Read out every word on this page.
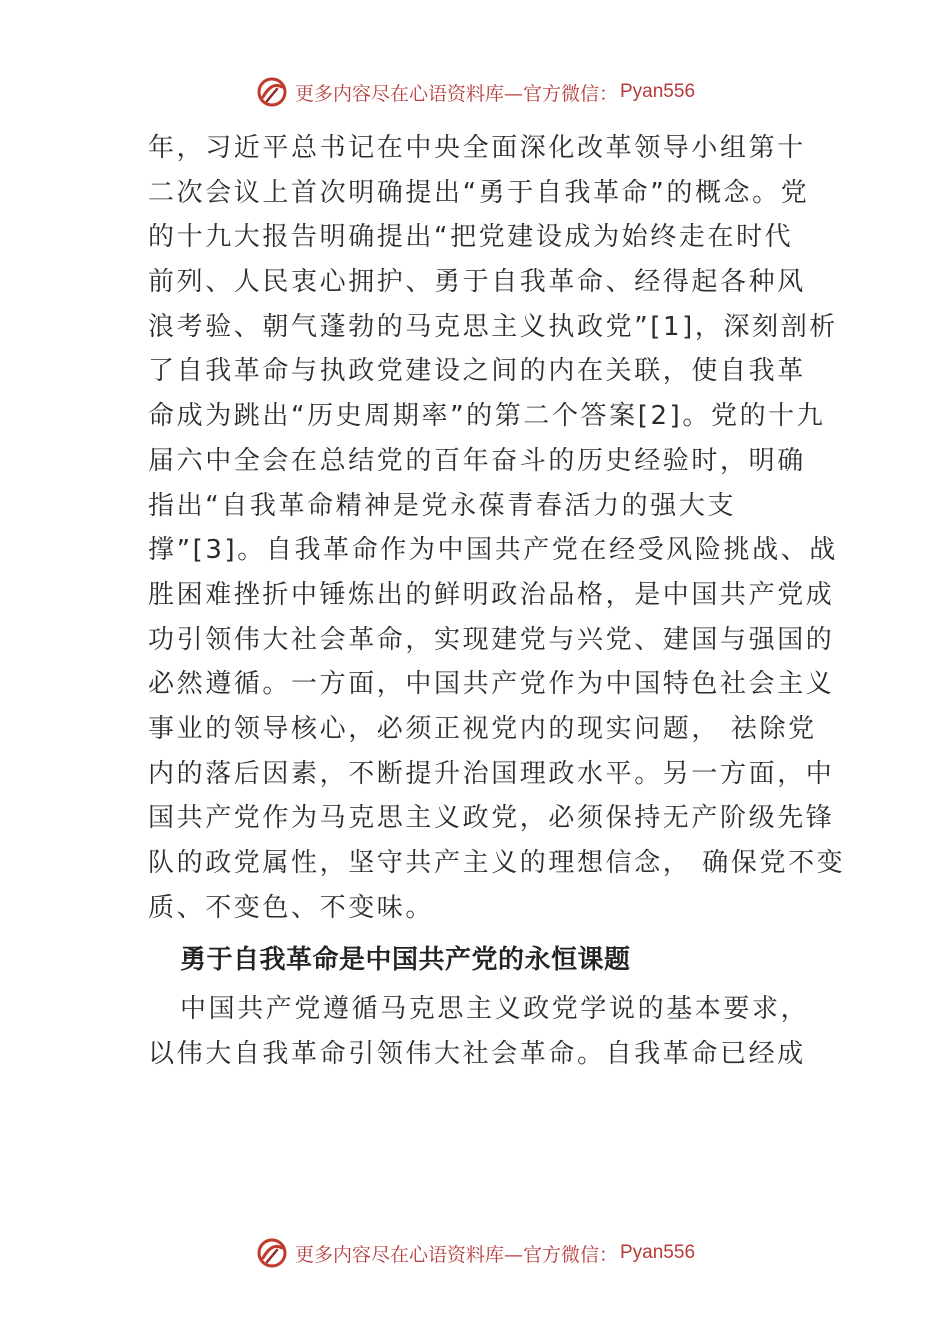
更多内容尽在心语资料库—官方微信： Pyan556

年，习近平总书记在中央全面深化改革领导小组第十
二次会议上首次明确提出“勇于自我革命”的概念。党
的十九大报告明确提出“把党建设成为始终走在时代
前列、人民衷心拥护、勇于自我革命、经得起各种风
浪考验、朝气蓬勃的马克思主义执政党”[1]，深刻剖析
了自我革命与执政党建设之间的内在关联，使自我革
命成为跳出“历史周期率”的第二个答案[2]。党的十九
届六中全会在总结党的百年奋斗的历史经验时，明确
指出“自我革命精神是党永葆青春活力的强大支
撑”[3]。自我革命作为中国共产党在经受风险挑战、战
胜困难挫折中锤炼出的鲜明政治品格，是中国共产党成
功引领伟大社会革命，实现建党与兴党、建国与强国的
必然遵循。一方面，中国共产党作为中国特色社会主义
事业的领导核心，必须正视党内的现实问题， 祛除党
内的落后因素，不断提升治国理政水平。另一方面，中
国共产党作为马克思主义政党，必须保持无产阶级先锋
队的政党属性，坚守共产主义的理想信念， 确保党不变
质、不变色、不变味。

勇于自我革命是中国共产党的永恒课题

中国共产党遵循马克思主义政党学说的基本要求，
以伟大自我革命引领伟大社会革命。自我革命已经成

更多内容尽在心语资料库—官方微信： Pyan556
